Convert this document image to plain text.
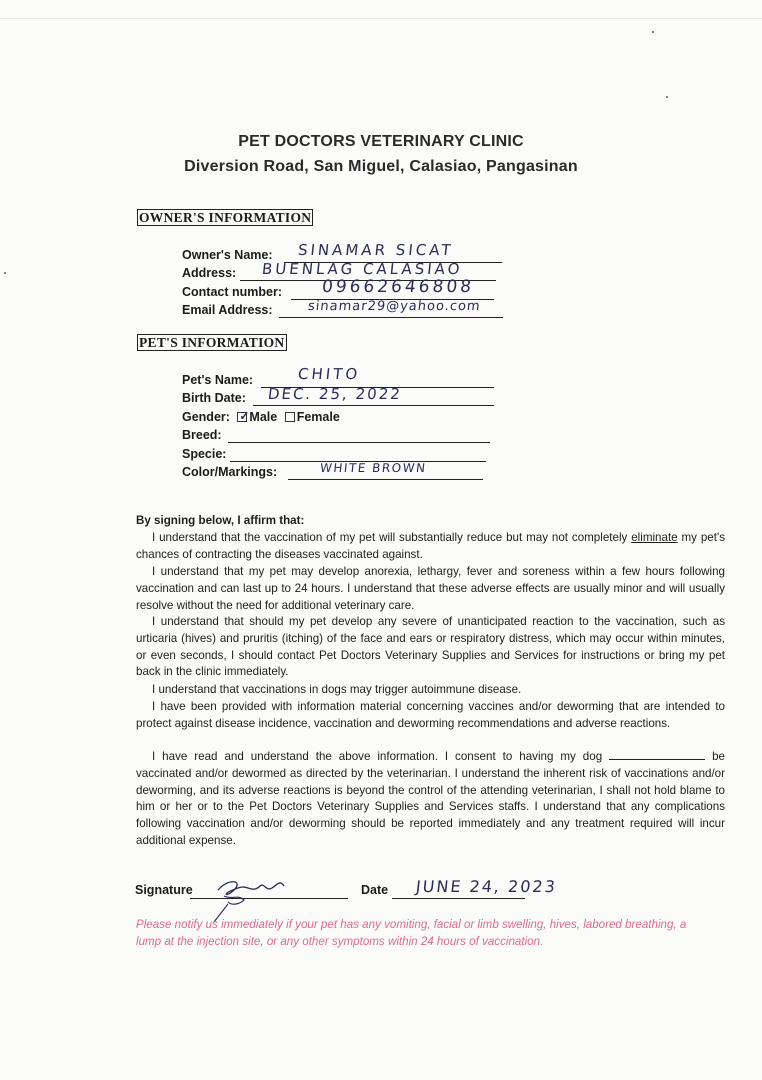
PET DOCTORS VETERINARY CLINIC
Diversion Road, San Miguel, Calasiao, Pangasinan
OWNER'S INFORMATION
Owner's Name: SINAMAR SICAT
Address: BUENLAG CALASIAO
Contact number: 09662646808
Email Address:	sinamar29@yahoo.com
PET'S INFORMATION
Pet's Name:	CHITO
Birth Date: DEC. 25, 2022
Gender: ✓ Male Female
Breed:
Specie:
Color/Markings:	WHITE BROWN
By signing below, I affirm that:
I understand that the vaccination of my pet will substantially reduce but may not completely eliminate my pet's chances of contracting the diseases vaccinated against.
I understand that my pet may develop anorexia, lethargy, fever and soreness within a few hours following vaccination and can last up to 24 hours. I understand that these adverse effects are usually minor and will usually resolve without the need for additional veterinary care.
I understand that should my pet develop any severe of unanticipated reaction to the vaccination, such as urticaria (hives) and pruritis (itching) of the face and ears or respiratory distress, which may occur within minutes, or even seconds, I should contact Pet Doctors Veterinary Supplies and Services for instructions or bring my pet back in the clinic immediately.
I understand that vaccinations in dogs may trigger autoimmune disease.
I have been provided with information material concerning vaccines and/or deworming that are intended to protect against disease incidence, vaccination and deworming recommendations and adverse reactions.
I have read and understand the above information. I consent to having my dog	be vaccinated and/or dewormed as directed by the veterinarian. I understand the inherent risk of vaccinations and/or deworming, and its adverse reactions is beyond the control of the attending veterinarian, I shall not hold blame to him or her or to the Pet Doctors Veterinary Supplies and Services staffs. I understand that any complications following vaccination and/or deworming should be reported immediately and any treatment required will incur additional expense.
Signature	Date JUNE 24, 2023
Please notify us immediately if your pet has any vomiting, facial or limb swelling, hives, labored breathing, a lump at the injection site, or any other symptoms within 24 hours of vaccination.
